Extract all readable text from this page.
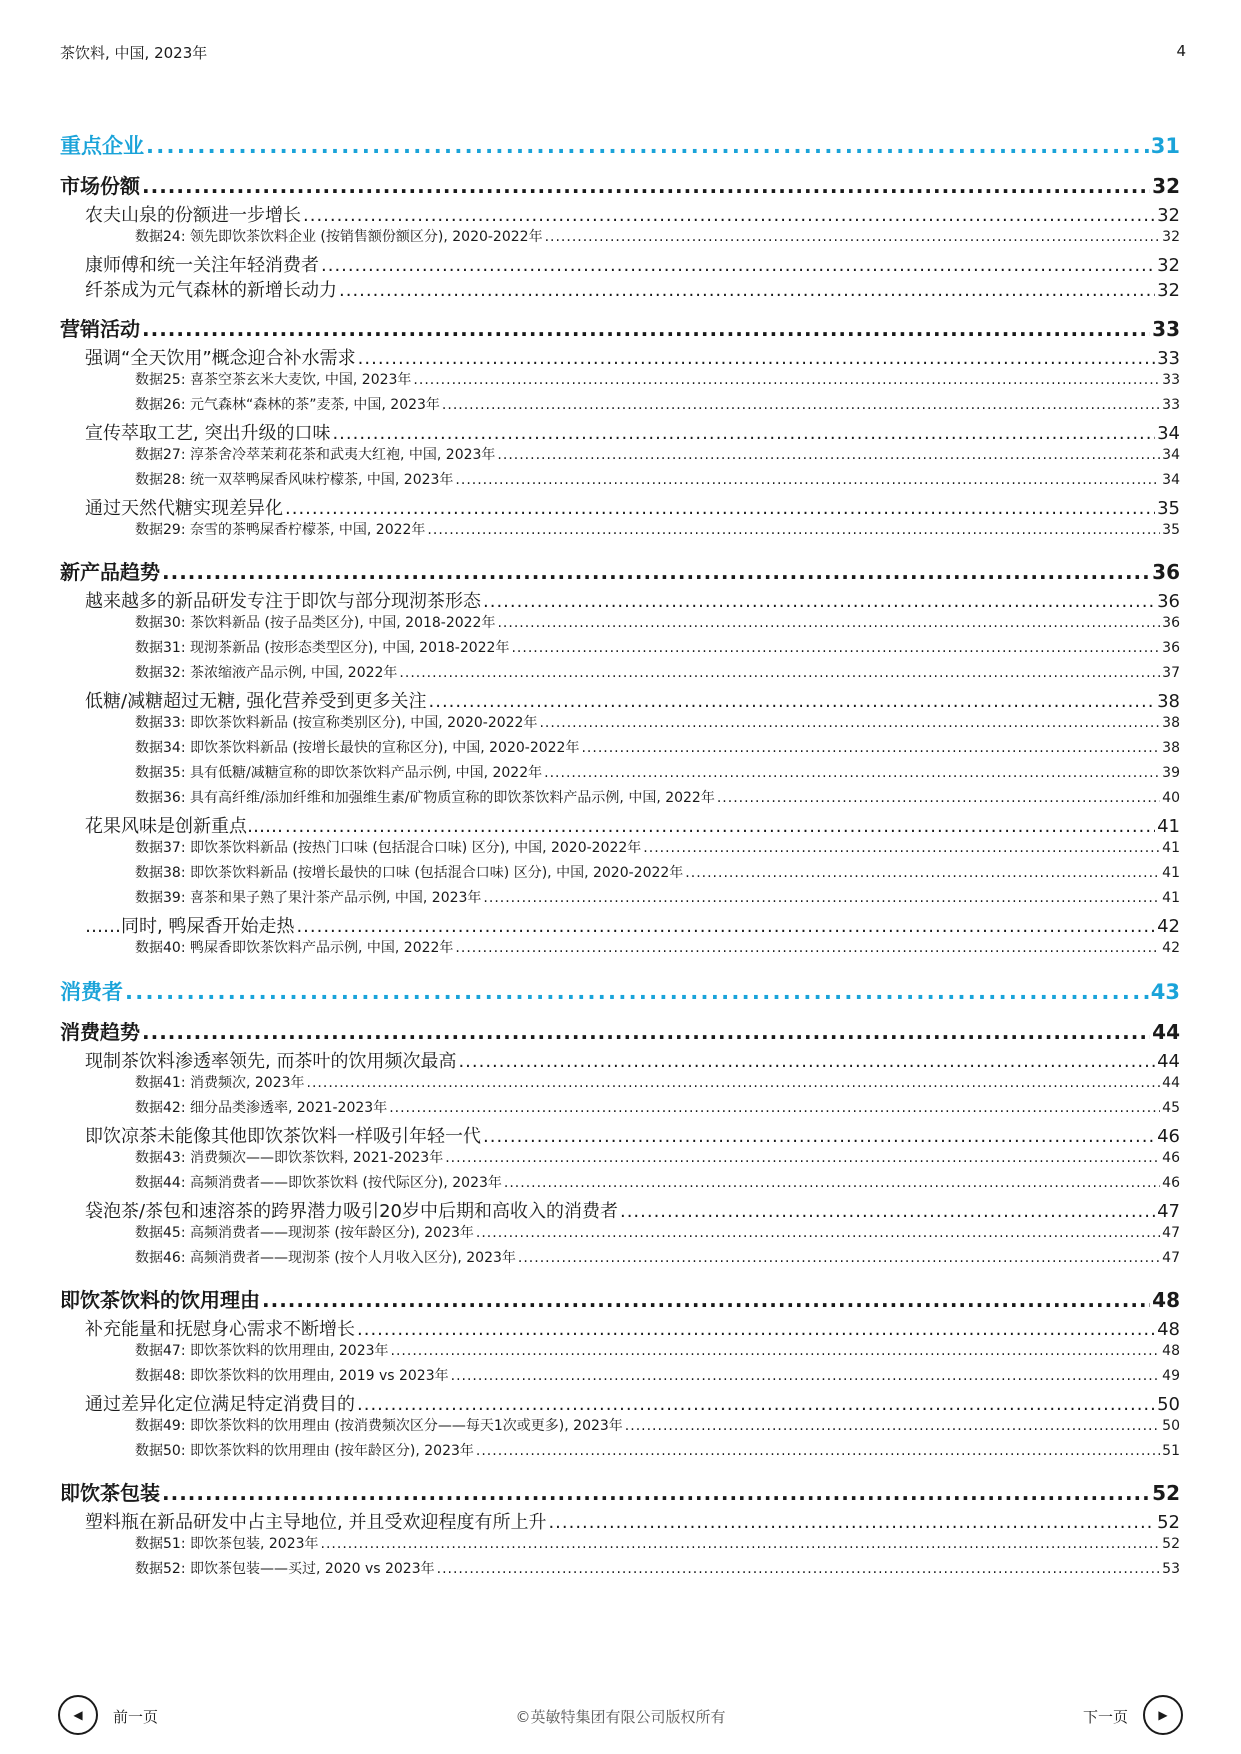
茶饮料, 中国, 2023年	4
重点企业 .....	31
市场份额 .....	32
农夫山泉的份额进一步增长 .....	32
数据24: 领先即饮茶饮料企业 (按销售额份额区分), 2020-2022年 .....	32
康师傅和统一关注年轻消费者 .....	32
纤茶成为元气森林的新增长动力 .....	32
营销活动 .....	33
强调“全天饮用”概念迎合补水需求 .....	33
数据25: 喜茶空茶玄米大麦饮, 中国, 2023年 .....	33
数据26: 元气森林“森林的茶”麦茶, 中国, 2023年 .....	33
宣传萃取工艺, 突出升级的口味 .....	34
数据27: 淳茶舍冷萃茉莉花茶和武夷大红袍, 中国, 2023年 .....	34
数据28: 统一双萃鸭屎香风味柠檬茶, 中国, 2023年 .....	34
通过天然代糖实现差异化 .....	35
数据29: 奈雪的茶鸭屎香柠檬茶, 中国, 2022年 .....	35
新产品趋势 .....	36
越来越多的新品研发专注于即饮与部分现沏茶形态 .....	36
数据30: 茶饮料新品 (按子品类区分), 中国, 2018-2022年 .....	36
数据31: 现沏茶新品 (按形态类型区分), 中国, 2018-2022年 .....	36
数据32: 茶浓缩液产品示例, 中国, 2022年 .....	37
低糖/减糖超过无糖, 强化营养受到更多关注 .....	38
数据33: 即饮茶饮料新品 (按宣称类别区分), 中国, 2020-2022年 .....	38
数据34: 即饮茶饮料新品 (按增长最快的宣称区分), 中国, 2020-2022年 .....	38
数据35: 具有低糖/减糖宣称的即饮茶饮料产品示例, 中国, 2022年 .....	39
数据36: 具有高纤维/添加纤维和加强维生素/矿物质宣称的即饮茶饮料产品示例, 中国, 2022年 .....	40
花果风味是创新重点…… .....	41
数据37: 即饮茶饮料新品 (按热门口味 (包括混合口味) 区分), 中国, 2020-2022年 .....	41
数据38: 即饮茶饮料新品 (按增长最快的口味 (包括混合口味) 区分), 中国, 2020-2022年 .....	41
数据39: 喜茶和果子熟了果汁茶产品示例, 中国, 2023年 .....	41
……同时, 鸭屎香开始走热 .....	42
数据40: 鸭屎香即饮茶饮料产品示例, 中国, 2022年 .....	42
消费者 .....	43
消费趋势 .....	44
现制茶饮料渗透率领先, 而茶叶的饮用频次最高 .....	44
数据41: 消费频次, 2023年 .....	44
数据42: 细分品类渗透率, 2021-2023年 .....	45
即饮凉茶未能像其他即饮茶饮料一样吸引年轻一代 .....	46
数据43: 消费频次——即饮茶饮料, 2021-2023年 .....	46
数据44: 高频消费者——即饮茶饮料 (按代际区分), 2023年 .....	46
袋泡茶/茶包和速溶茶的跨界潜力吸引20岁中后期和高收入的消费者 .....	47
数据45: 高频消费者——现沏茶 (按年龄区分), 2023年 .....	47
数据46: 高频消费者——现沏茶 (按个人月收入区分), 2023年 .....	47
即饮茶饮料的饮用理由 .....	48
补充能量和抚慰身心需求不断增长 .....	48
数据47: 即饮茶饮料的饮用理由, 2023年 .....	48
数据48: 即饮茶饮料的饮用理由, 2019 vs 2023年 .....	49
通过差异化定位满足特定消费目的 .....	50
数据49: 即饮茶饮料的饮用理由 (按消费频次区分——每天1次或更多), 2023年 .....	50
数据50: 即饮茶饮料的饮用理由 (按年龄区分), 2023年 .....	51
即饮茶包装 .....	52
塑料瓶在新品研发中占主导地位, 并且受欢迎程度有所上升 .....	52
数据51: 即饮茶包装, 2023年 .....	52
数据52: 即饮茶包装——买过, 2020 vs 2023年 .....	53
◀ 前一页	©英敏特集团有限公司版权所有	下一页	▶
